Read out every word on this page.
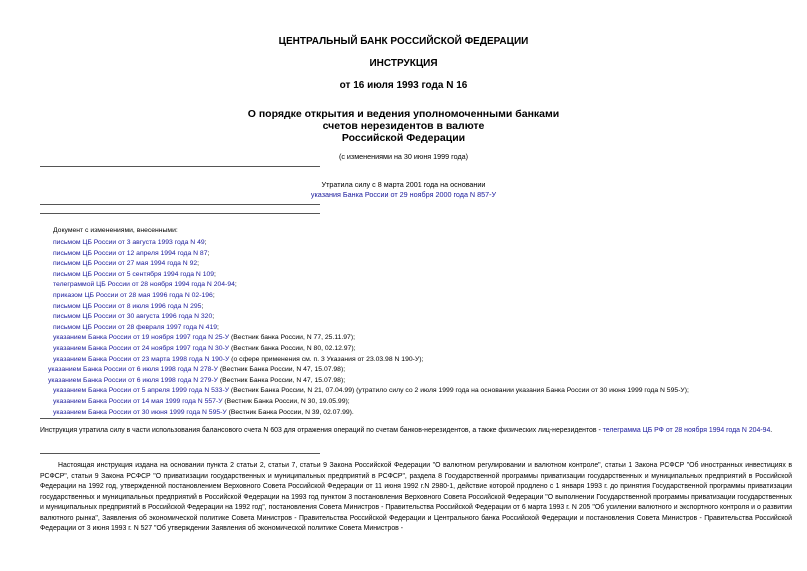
ЦЕНТРАЛЬНЫЙ БАНК РОССИЙСКОЙ ФЕДЕРАЦИИ
ИНСТРУКЦИЯ
от 16 июля 1993 года N 16
О порядке открытия и ведения уполномоченными банками
счетов нерезидентов в валюте
Российской Федерации
(с изменениями на 30 июня 1999 года)
Утратила силу с 8 марта 2001 года на основании
указания Банка России от 29 ноября 2000 года N 857-У
Документ с изменениями, внесенными:
письмом ЦБ России от 3 августа 1993 года N 49;
письмом ЦБ России от 12 апреля 1994 года N 87;
письмом ЦБ России от 27 мая 1994 года N 92;
письмом ЦБ России от 5 сентября 1994 года N 109;
телеграммой ЦБ России от 28 ноября 1994 года N 204-94;
приказом ЦБ России от 28 мая 1996 года N 02-196;
письмом ЦБ России от 8 июля 1996 года N 295;
письмом ЦБ России от 30 августа 1996 года N 320;
письмом ЦБ России от 28 февраля 1997 года N 419;
указанием Банка России от 19 ноября 1997 года N 25-У (Вестник банка России, N 77, 25.11.97);
указанием Банка России от 24 ноября 1997 года N 30-У (Вестник банка России, N 80, 02.12.97);
указанием Банка России от 23 марта 1998 года N 190-У (о сфере применения см. п. 3 Указания от 23.03.98 N 190-У);
указанием Банка России от 6 июля 1998 года N 278-У (Вестник Банка России, N 47, 15.07.98);
указанием Банка России от 6 июля 1998 года N 279-У (Вестник Банка России, N 47, 15.07.98);
указанием Банка России от 5 апреля 1999 года N 533-У (Вестник Банка России, N 21, 07.04.99) (утратило силу со 2 июля 1999 года на основании указания Банка России от 30 июня 1999 года N 595-У);
указанием Банка России от 14 мая 1999 года N 557-У (Вестник Банка России, N 30, 19.05.99);
указанием Банка России от 30 июня 1999 года N 595-У (Вестник Банка России, N 39, 02.07.99).
Инструкция утратила силу в части использования балансового счета N 603 для отражения операций по счетам банков-нерезидентов, а также физических лиц-нерезидентов - телеграмма ЦБ РФ от 28 ноября 1994 года N 204-94.
Настоящая инструкция издана на основании пункта 2 статьи 2, статьи 7, статьи 9 Закона Российской Федерации "О валютном регулировании и валютном контроле", статьи 1 Закона РСФСР "Об иностранных инвестициях в РСФСР", статьи 9 Закона РСФСР "О приватизации государственных и муниципальных предприятий в РСФСР", раздела 8 Государственной программы приватизации государственных и муниципальных предприятий в Российской Федерации на 1992 год, утвержденной постановлением Верховного Совета Российской Федерации от 11 июня 1992 г.N 2980-1, действие которой продлено с 1 января 1993 г. до принятия Государственной программы приватизации государственных и муниципальных предприятий в Российской Федерации на 1993 год пунктом 3 постановления Верховного Совета Российской Федерации "О выполнении Государственной программы приватизации государственных и муниципальных предприятий в Российской Федерации на 1992 год", постановления Совета Министров - Правительства Российской Федерации от 6 марта 1993 г. N 205 "Об усилении валютного и экспортного контроля и о развитии валютного рынка", Заявления об экономической политике Совета Министров - Правительства Российской Федерации и Центрального банка Российской Федерации и постановления Совета Министров - Правительства Российской Федерации от 3 июня 1993 г. N 527 "Об утверждении Заявления об экономической политике Совета Министров -
